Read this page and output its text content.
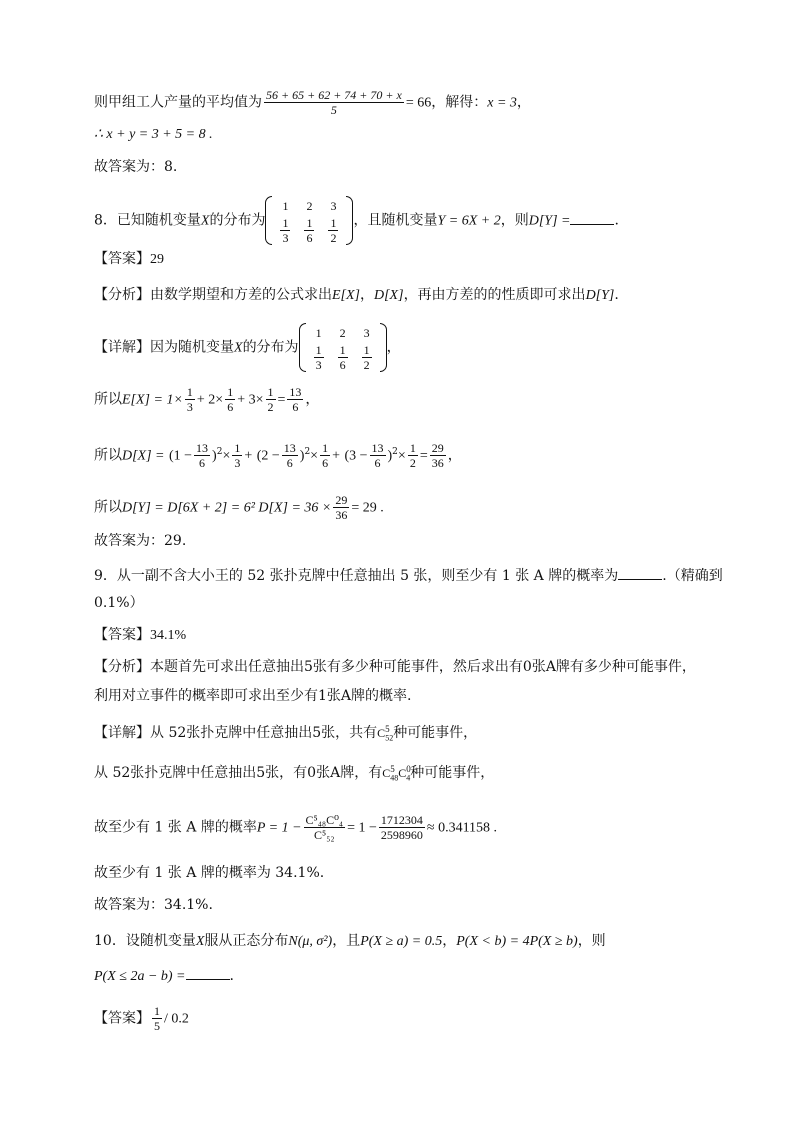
则甲组工人产量的平均值为 $\frac{56 + 65 + 62 + 74 + 70 + x}{5} = 66$，解得：x = 3，
∴ x + y = 3 + 5 = 8 .
故答案为：8.
8．已知随机变量X的分布为
1	2	3

$\frac{1}{3}$	$\frac{1}{6}$	$\frac{1}{2}$ ，且随机变量Y = 6X + 2，则D[Y] =	.
【答案】29
【分析】由数学期望和方差的公式求出E[X]，D[X]，再由方差的的性质即可求出D[Y].
【详解】因为随机变量X的分布为
1	2	3

$\frac{1}{3}$	$\frac{1}{6}$	$\frac{1}{2}$ ，
所以$E[X] = 1\times \frac{1}{3} + 2\times \frac{1}{6} + 3\times \frac{1}{2} = \frac{13}{6}$ ，
所以$D[X] = (1 - \frac{13}{6} )^2\times \frac{1}{3} + (2 - \frac{13}{6} )^2\times \frac{1}{6} + (3 - \frac{13}{6} )^2\times \frac{1}{2} = \frac{29}{36}$ ，
所以D[Y] = D[6X + 2] = 6² $D[X] = 36 \times \frac{29}{36} = 29$ .
故答案为：29.
9．从一副不含大小王的 52 张扑克牌中任意抽出 5 张，则至少有 1 张 A 牌的概率为	.（精确到
0.1%）
【答案】34.1%
【分析】本题首先可求出任意抽出5张有多少种可能事件，然后求出有0张A牌有多少种可能事件，
利用对立事件的概率即可求出至少有1张A牌的概率.
【详解】从 52张扑克牌中任意抽出5张，共有C 5
$_{52}$种可能事件，
从 52张扑克牌中任意抽出5张，有0张A牌，有C 5
$_{48}$C 0
$_4$种可能事件，
故至少有 1 张 A 牌的概率$P = 1 - \frac{\text{C⁵₄₈C⁰₄}}{\text{C⁵₅₂}} = 1 - \frac{1712304}{2598960} \approx 0.341158$ .
故至少有 1 张 A 牌的概率为 34.1%.
故答案为：34.1%.
10．设随机变量X服从正态分布N(μ, σ²)，且P(X ≥ a) = 0.5，P(X < b) = 4P(X ≥ b)，则
P(X ≤ 2a − b) =	.
【答案】 $\frac{1}{5} / 0.2$
